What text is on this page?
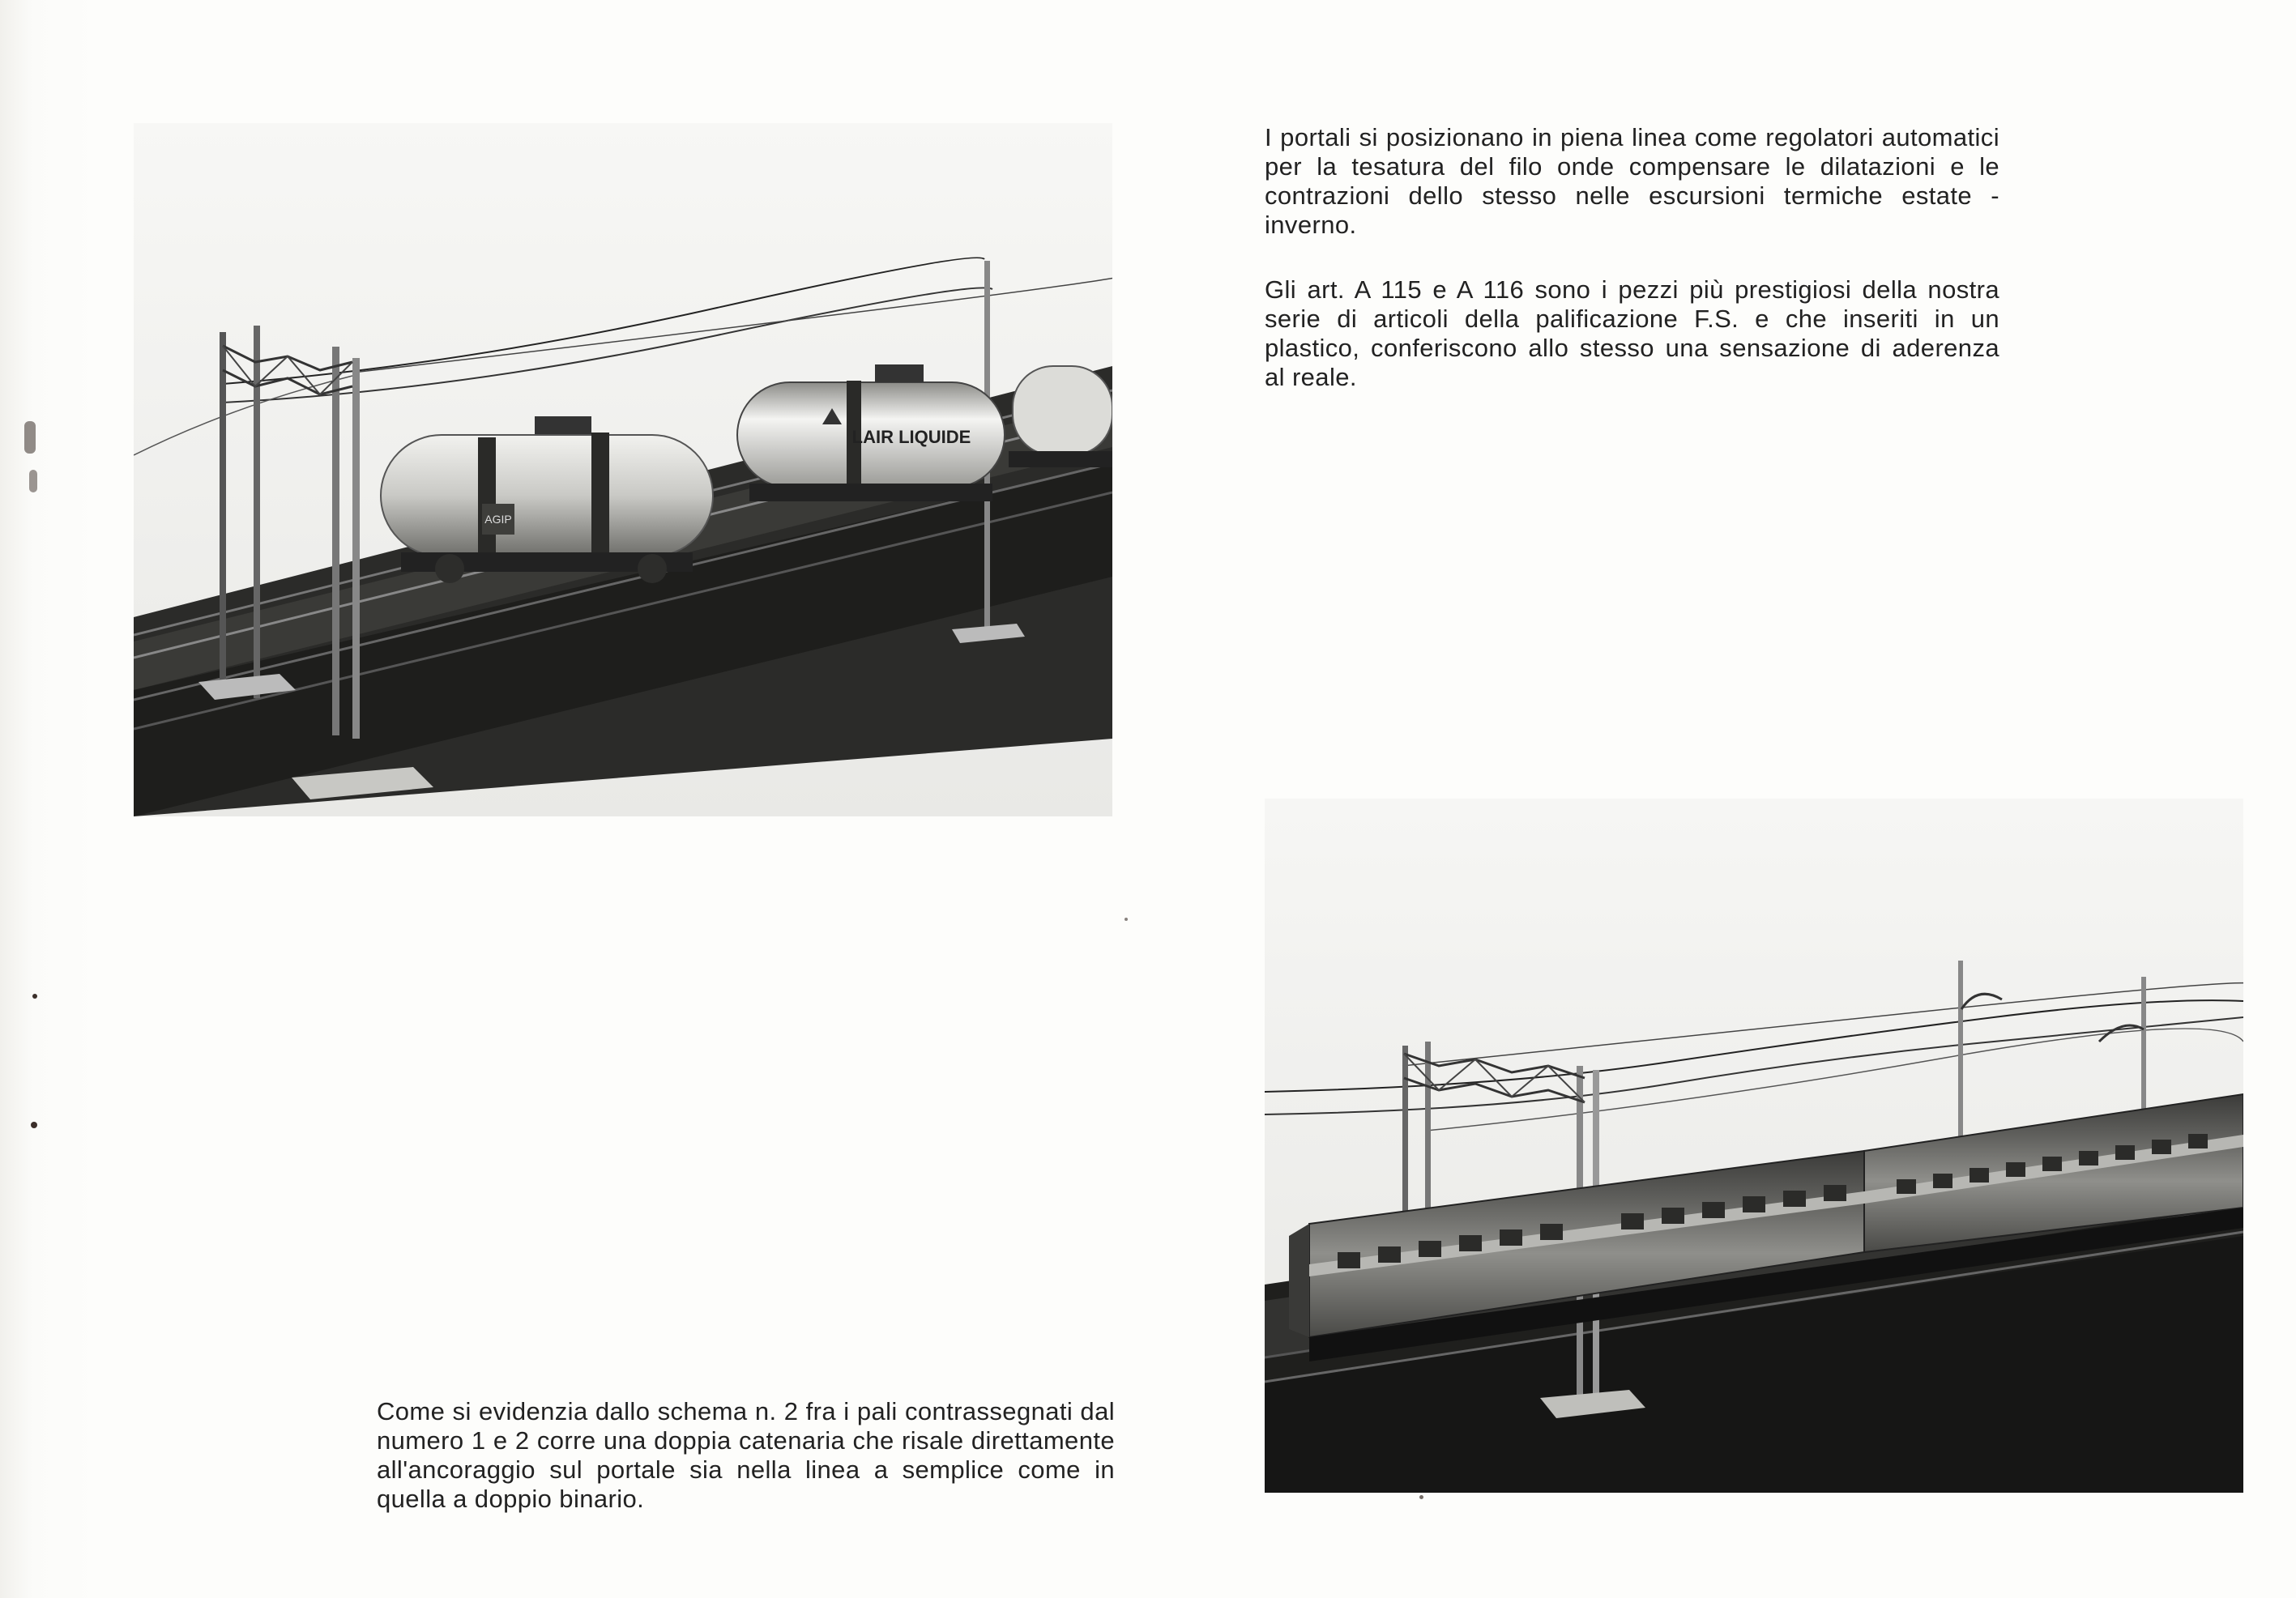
AGIP
LAIR LIQUIDE

I portali si posizionano in piena linea come regolatori automatici per la tesatura del filo onde compensare le dilatazioni e le contrazioni dello stesso nelle escursioni termiche estate - inverno.

Gli art. A 115 e A 116 sono i pezzi più prestigiosi della nostra serie di articoli della palificazione F.S. e che inseriti in un plastico, conferiscono allo stesso una sensazione di aderenza al reale.

Come si evidenzia dallo schema n. 2 fra i pali contrassegnati dal numero 1 e 2 corre una doppia catenaria che risale direttamente all'ancoraggio sul portale sia nella linea a semplice come in quella a doppio binario.
